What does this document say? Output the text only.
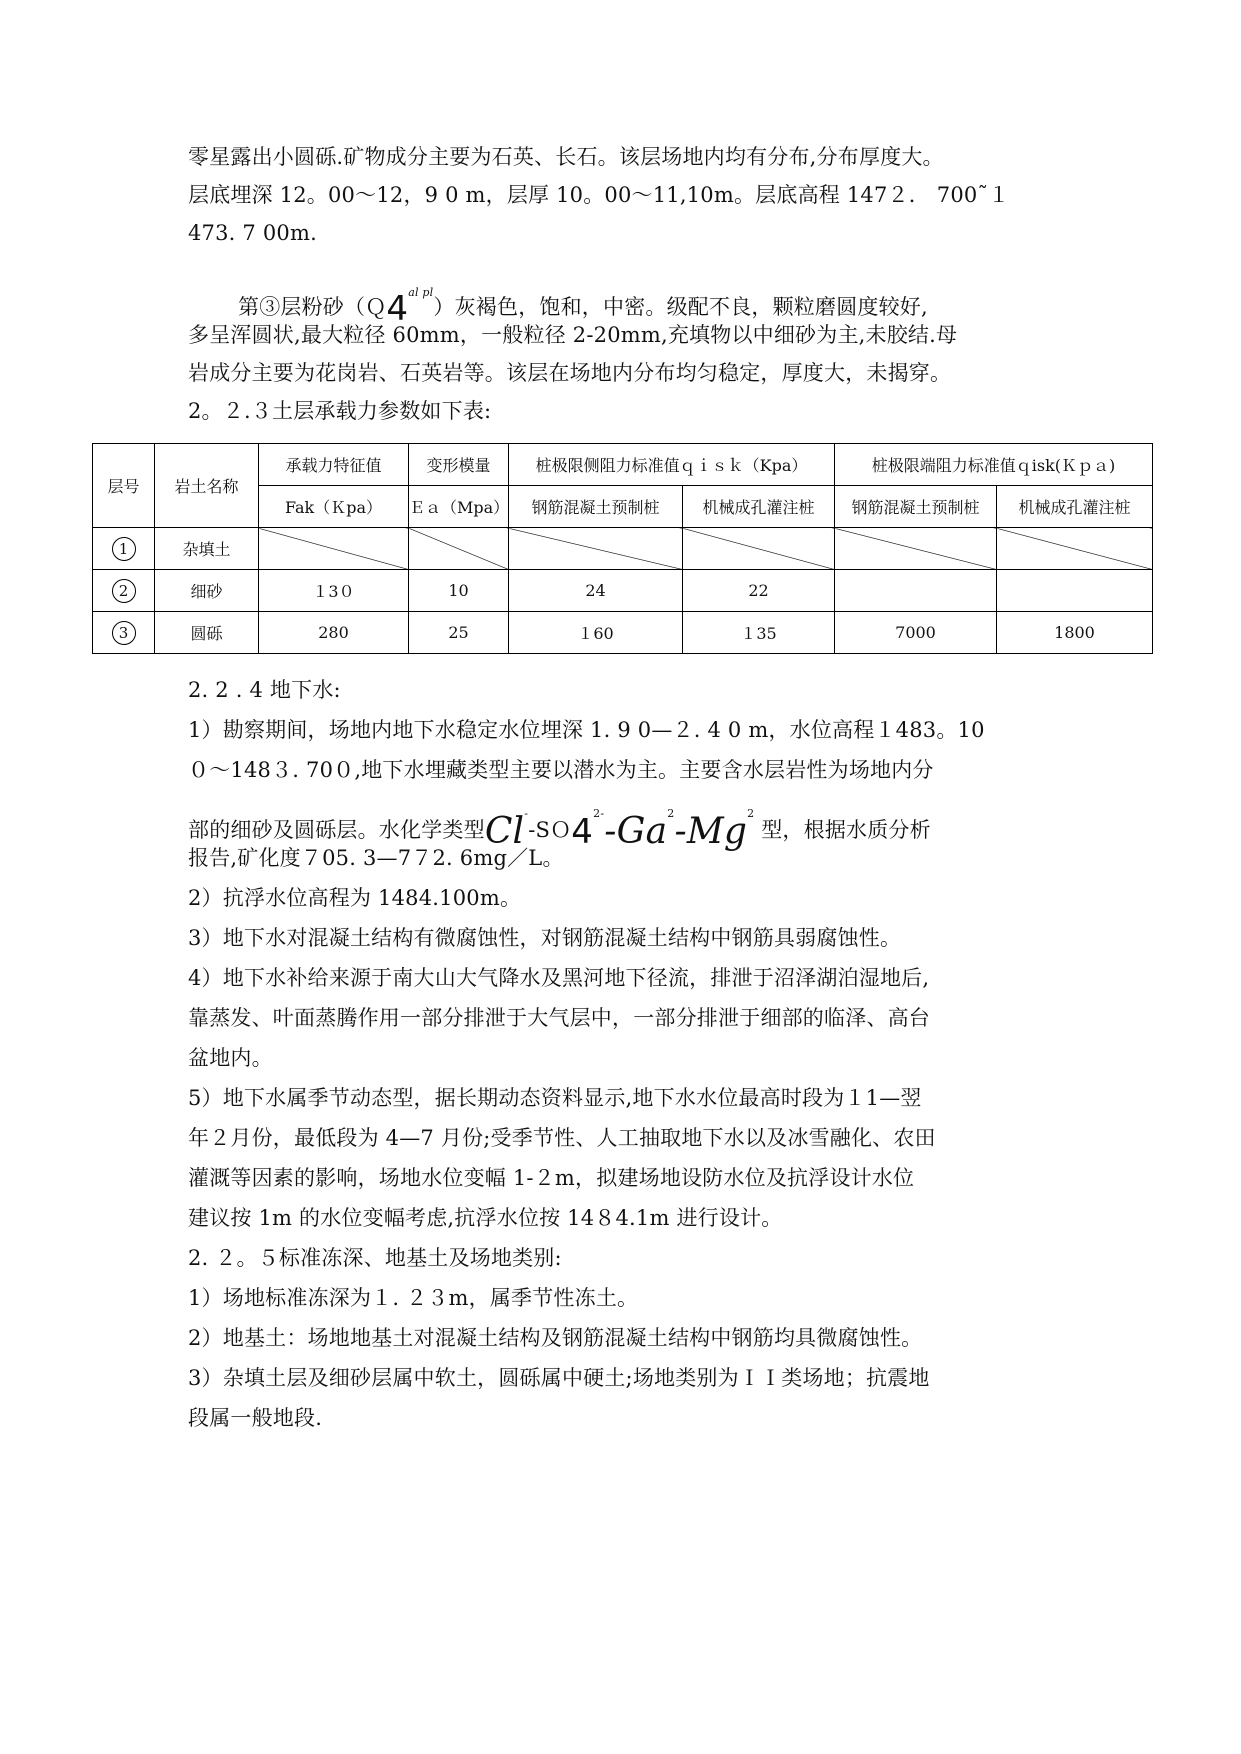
零星露出小圆砾.矿物成分主要为石英、长石。该层场地内均有分布,分布厚度大。
层底埋深 12。00～12，9 0 m，层厚 10。00～11,10m。层底高程 147２． 700˜１
473. 7 00m.
第③层粉砂$(Q4^{al pl})$灰褐色，饱和，中密。级配不良，颗粒磨圆度较好,
多呈浑圆状,最大粒径 60mm，一般粒径 2-20mm,充填物以中细砂为主,未胶结.母
岩成分主要为花岗岩、石英岩等。该层在场地内分布均匀稳定，厚度大，未揭穿。
2。２.３土层承载力参数如下表:
层号	岩土名称	承载力特征值	变形模量	桩极限侧阻力标准值ｑｉｓｋ（Kpa）		桩极限端阻力标准值ｑisk(Ｋｐａ)	
		Fak（Ｋpa）	Ｅａ（Mpa）	钢筋混凝土预制桩	机械成孔灌注桩	钢筋混凝土预制桩	机械成孔灌注桩
1	杂填土						
2	细砂	１3０	10	24	22		
3	圆砾	280	25	１60	１35	7000	1800
2. 2 . 4 地下水:
1）勘察期间，场地内地下水稳定水位埋深 1. 9 0—２. 4 0 m，水位高程１483。10
０～148３. 70０,地下水埋藏类型主要以潜水为主。主要含水层岩性为场地内分
部的细砂及圆砾层。水化学类型$Cl^--SO4^{2-}-Ga^2-Mg^2$ 型，根据水质分析
报告,矿化度７05. 3—7７2. 6mg／L。
2）抗浮水位高程为 1484.100m。
3）地下水对混凝土结构有微腐蚀性，对钢筋混凝土结构中钢筋具弱腐蚀性。
4）地下水补给来源于南大山大气降水及黑河地下径流，排泄于沼泽湖泊湿地后,
靠蒸发、叶面蒸腾作用一部分排泄于大气层中，一部分排泄于细部的临泽、高台
盆地内。
5）地下水属季节动态型，据长期动态资料显示,地下水水位最高时段为１1—翌
年２月份，最低段为 4—7 月份;受季节性、人工抽取地下水以及冰雪融化、农田
灌溉等因素的影响，场地水位变幅 1-２m，拟建场地设防水位及抗浮设计水位
建议按 1m 的水位变幅考虑,抗浮水位按 14８4.1m 进行设计。
2. ２。５标准冻深、地基土及场地类别:
1）场地标准冻深为１. ２３m，属季节性冻土。
2）地基土：场地地基土对混凝土结构及钢筋混凝土结构中钢筋均具微腐蚀性。
3）杂填土层及细砂层属中软土，圆砾属中硬土;场地类别为ＩＩ类场地；抗震地
段属一般地段.
